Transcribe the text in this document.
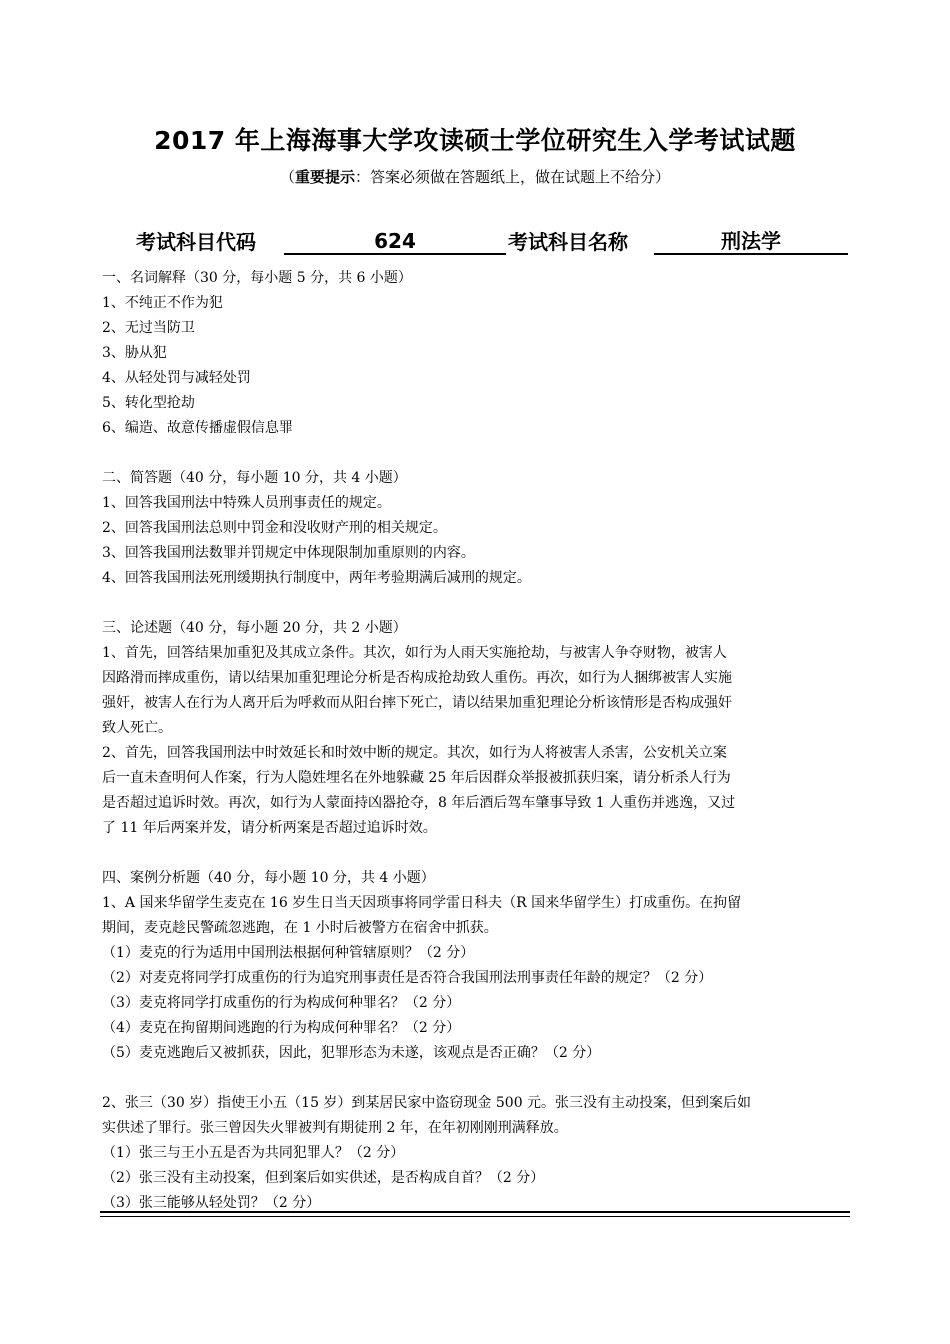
2017 年上海海事大学攻读硕士学位研究生入学考试试题
（重要提示：答案必须做在答题纸上，做在试题上不给分）
考试科目代码	624	考试科目名称	刑法学
一、名词解释（30 分，每小题 5 分，共 6 小题）
1、不纯正不作为犯
2、无过当防卫
3、胁从犯
4、从轻处罚与减轻处罚
5、转化型抢劫
6、编造、故意传播虚假信息罪
二、简答题（40 分，每小题 10 分，共 4 小题）
1、回答我国刑法中特殊人员刑事责任的规定。
2、回答我国刑法总则中罚金和没收财产刑的相关规定。
3、回答我国刑法数罪并罚规定中体现限制加重原则的内容。
4、回答我国刑法死刑缓期执行制度中，两年考验期满后减刑的规定。
三、论述题（40 分，每小题 20 分，共 2 小题）
1、首先，回答结果加重犯及其成立条件。其次，如行为人雨天实施抢劫，与被害人争夺财物，被害人
因路滑而摔成重伤，请以结果加重犯理论分析是否构成抢劫致人重伤。再次，如行为人捆绑被害人实施
强奸，被害人在行为人离开后为呼救而从阳台摔下死亡，请以结果加重犯理论分析该情形是否构成强奸
致人死亡。
2、首先，回答我国刑法中时效延长和时效中断的规定。其次，如行为人将被害人杀害，公安机关立案
后一直未查明何人作案，行为人隐姓埋名在外地躲藏 25 年后因群众举报被抓获归案，请分析杀人行为
是否超过追诉时效。再次，如行为人蒙面持凶器抢夺，8 年后酒后驾车肇事导致 1 人重伤并逃逸，又过
了 11 年后两案并发，请分析两案是否超过追诉时效。
四、案例分析题（40 分，每小题 10 分，共 4 小题）
1、A 国来华留学生麦克在 16 岁生日当天因琐事将同学雷日科夫（R 国来华留学生）打成重伤。在拘留
期间，麦克趁民警疏忽逃跑，在 1 小时后被警方在宿舍中抓获。
（1）麦克的行为适用中国刑法根据何种管辖原则？（2 分）
（2）对麦克将同学打成重伤的行为追究刑事责任是否符合我国刑法刑事责任年龄的规定？（2 分）
（3）麦克将同学打成重伤的行为构成何种罪名？（2 分）
（4）麦克在拘留期间逃跑的行为构成何种罪名？（2 分）
（5）麦克逃跑后又被抓获，因此，犯罪形态为未遂，该观点是否正确？（2 分）
2、张三（30 岁）指使王小五（15 岁）到某居民家中盗窃现金 500 元。张三没有主动投案，但到案后如
实供述了罪行。张三曾因失火罪被判有期徒刑 2 年，在年初刚刚刑满释放。
（1）张三与王小五是否为共同犯罪人？（2 分）
（2）张三没有主动投案，但到案后如实供述，是否构成自首？（2 分）
（3）张三能够从轻处罚？（2 分）
